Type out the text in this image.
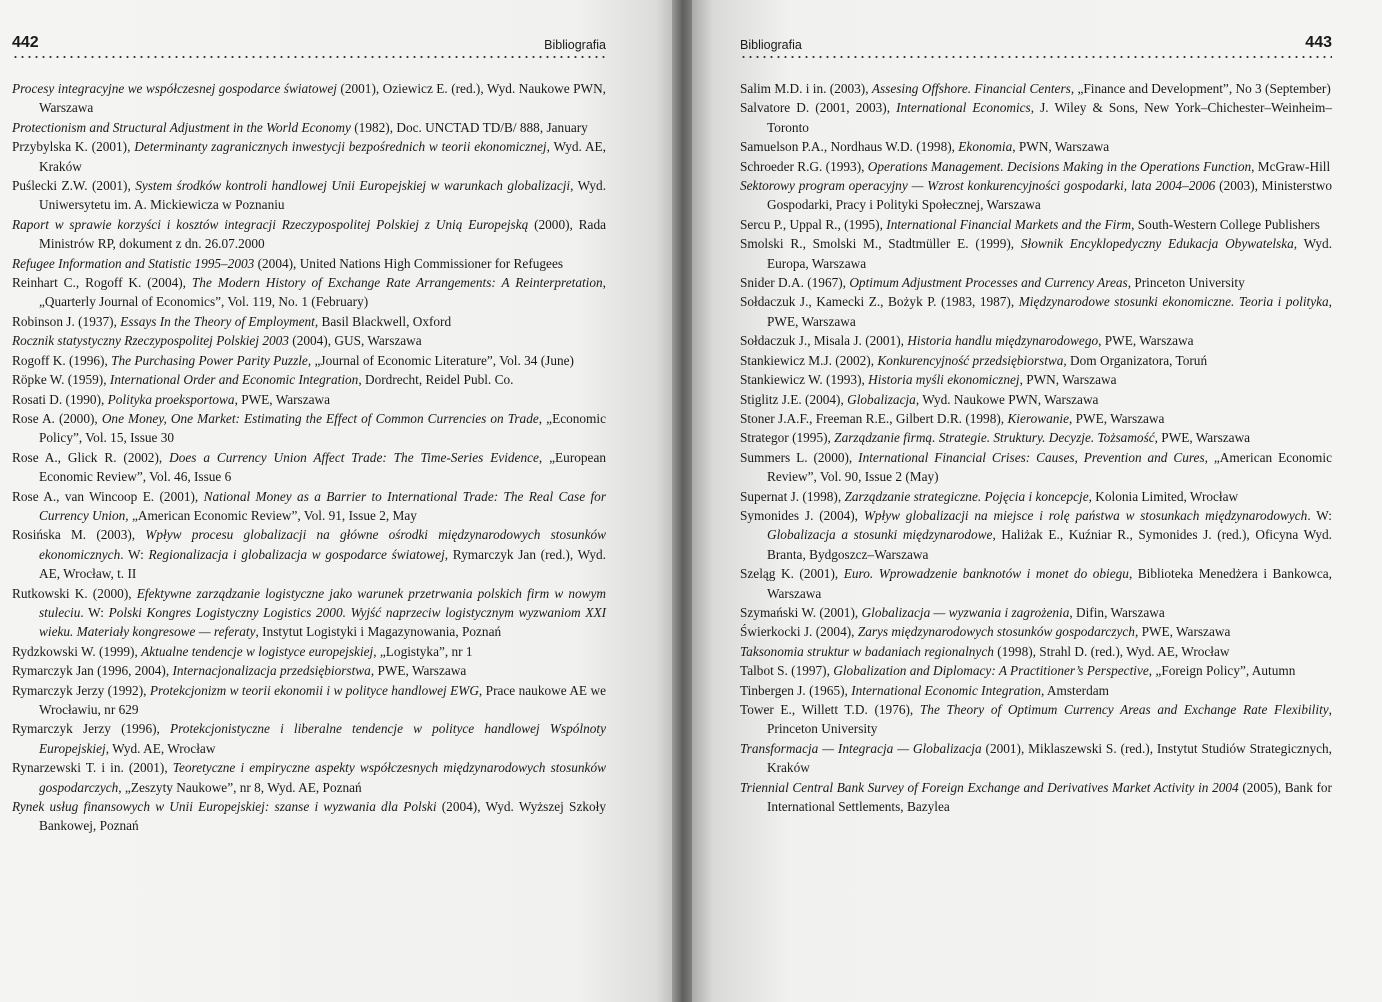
442	Bibliografia
Procesy integracyjne we współczesnej gospodarce światowej (2001), Oziewicz E. (red.), Wyd. Naukowe PWN, Warszawa
Protectionism and Structural Adjustment in the World Economy (1982), Doc. UNCTAD TD/B/ 888, January
Przybylska K. (2001), Determinanty zagranicznych inwestycji bezpośrednich w teorii ekonomicznej, Wyd. AE, Kraków
Puślecki Z.W. (2001), System środków kontroli handlowej Unii Europejskiej w warunkach globalizacji, Wyd. Uniwersytetu im. A. Mickiewicza w Poznaniu
Raport w sprawie korzyści i kosztów integracji Rzeczypospolitej Polskiej z Unią Europejską (2000), Rada Ministrów RP, dokument z dn. 26.07.2000
Refugee Information and Statistic 1995–2003 (2004), United Nations High Commissioner for Refugees
Reinhart C., Rogoff K. (2004), The Modern History of Exchange Rate Arrangements: A Reinterpretation, „Quarterly Journal of Economics”, Vol. 119, No. 1 (February)
Robinson J. (1937), Essays In the Theory of Employment, Basil Blackwell, Oxford
Rocznik statystyczny Rzeczypospolitej Polskiej 2003 (2004), GUS, Warszawa
Rogoff K. (1996), The Purchasing Power Parity Puzzle, „Journal of Economic Literature”, Vol. 34 (June)
Röpke W. (1959), International Order and Economic Integration, Dordrecht, Reidel Publ. Co.
Rosati D. (1990), Polityka proeksportowa, PWE, Warszawa
Rose A. (2000), One Money, One Market: Estimating the Effect of Common Currencies on Trade, „Economic Policy”, Vol. 15, Issue 30
Rose A., Glick R. (2002), Does a Currency Union Affect Trade: The Time-Series Evidence, „European Economic Review”, Vol. 46, Issue 6
Rose A., van Wincoop E. (2001), National Money as a Barrier to International Trade: The Real Case for Currency Union, „American Economic Review”, Vol. 91, Issue 2, May
Rosińska M. (2003), Wpływ procesu globalizacji na główne ośrodki międzynarodowych stosunków ekonomicznych. W: Regionalizacja i globalizacja w gospodarce światowej, Rymarczyk Jan (red.), Wyd. AE, Wrocław, t. II
Rutkowski K. (2000), Efektywne zarządzanie logistyczne jako warunek przetrwania polskich firm w nowym stuleciu. W: Polski Kongres Logistyczny Logistics 2000. Wyjść naprzeciw logistycznym wyzwaniom XXI wieku. Materiały kongresowe — referaty, Instytut Logistyki i Magazynowania, Poznań
Rydzkowski W. (1999), Aktualne tendencje w logistyce europejskiej, „Logistyka”, nr 1
Rymarczyk Jan (1996, 2004), Internacjonalizacja przedsiębiorstwa, PWE, Warszawa
Rymarczyk Jerzy (1992), Protekcjonizm w teorii ekonomii i w polityce handlowej EWG, Prace naukowe AE we Wrocławiu, nr 629
Rymarczyk Jerzy (1996), Protekcjonistyczne i liberalne tendencje w polityce handlowej Wspólnoty Europejskiej, Wyd. AE, Wrocław
Rynarzewski T. i in. (2001), Teoretyczne i empiryczne aspekty współczesnych międzynarodowych stosunków gospodarczych, „Zeszyty Naukowe”, nr 8, Wyd. AE, Poznań
Rynek usług finansowych w Unii Europejskiej: szanse i wyzwania dla Polski (2004), Wyd. Wyższej Szkoły Bankowej, Poznań
Bibliografia	443
Salim M.D. i in. (2003), Assesing Offshore. Financial Centers, „Finance and Development”, No 3 (September)
Salvatore D. (2001, 2003), International Economics, J. Wiley & Sons, New York–Chichester–Weinheim–Toronto
Samuelson P.A., Nordhaus W.D. (1998), Ekonomia, PWN, Warszawa
Schroeder R.G. (1993), Operations Management. Decisions Making in the Operations Function, McGraw-Hill
Sektorowy program operacyjny — Wzrost konkurencyjności gospodarki, lata 2004–2006 (2003), Ministerstwo Gospodarki, Pracy i Polityki Społecznej, Warszawa
Sercu P., Uppal R., (1995), International Financial Markets and the Firm, South-Western College Publishers
Smolski R., Smolski M., Stadtmüller E. (1999), Słownik Encyklopedyczny Edukacja Obywatelska, Wyd. Europa, Warszawa
Snider D.A. (1967), Optimum Adjustment Processes and Currency Areas, Princeton University
Sołdaczuk J., Kamecki Z., Bożyk P. (1983, 1987), Międzynarodowe stosunki ekonomiczne. Teoria i polityka, PWE, Warszawa
Sołdaczuk J., Misala J. (2001), Historia handlu międzynarodowego, PWE, Warszawa
Stankiewicz M.J. (2002), Konkurencyjność przedsiębiorstwa, Dom Organizatora, Toruń
Stankiewicz W. (1993), Historia myśli ekonomicznej, PWN, Warszawa
Stiglitz J.E. (2004), Globalizacja, Wyd. Naukowe PWN, Warszawa
Stoner J.A.F., Freeman R.E., Gilbert D.R. (1998), Kierowanie, PWE, Warszawa
Strategor (1995), Zarządzanie firmą. Strategie. Struktury. Decyzje. Tożsamość, PWE, Warszawa
Summers L. (2000), International Financial Crises: Causes, Prevention and Cures, „American Economic Review”, Vol. 90, Issue 2 (May)
Supernat J. (1998), Zarządzanie strategiczne. Pojęcia i koncepcje, Kolonia Limited, Wrocław
Symonides J. (2004), Wpływ globalizacji na miejsce i rolę państwa w stosunkach międzynarodowych. W: Globalizacja a stosunki międzynarodowe, Haliżak E., Kuźniar R., Symonides J. (red.), Oficyna Wyd. Branta, Bydgoszcz–Warszawa
Szeląg K. (2001), Euro. Wprowadzenie banknotów i monet do obiegu, Biblioteka Menedżera i Bankowca, Warszawa
Szymański W. (2001), Globalizacja — wyzwania i zagrożenia, Difin, Warszawa
Świerkocki J. (2004), Zarys międzynarodowych stosunków gospodarczych, PWE, Warszawa
Taksonomia struktur w badaniach regionalnych (1998), Strahl D. (red.), Wyd. AE, Wrocław
Talbot S. (1997), Globalization and Diplomacy: A Practitioner’s Perspective, „Foreign Policy”, Autumn
Tinbergen J. (1965), International Economic Integration, Amsterdam
Tower E., Willett T.D. (1976), The Theory of Optimum Currency Areas and Exchange Rate Flexibility, Princeton University
Transformacja — Integracja — Globalizacja (2001), Miklaszewski S. (red.), Instytut Studiów Strategicznych, Kraków
Triennial Central Bank Survey of Foreign Exchange and Derivatives Market Activity in 2004 (2005), Bank for International Settlements, Bazylea
